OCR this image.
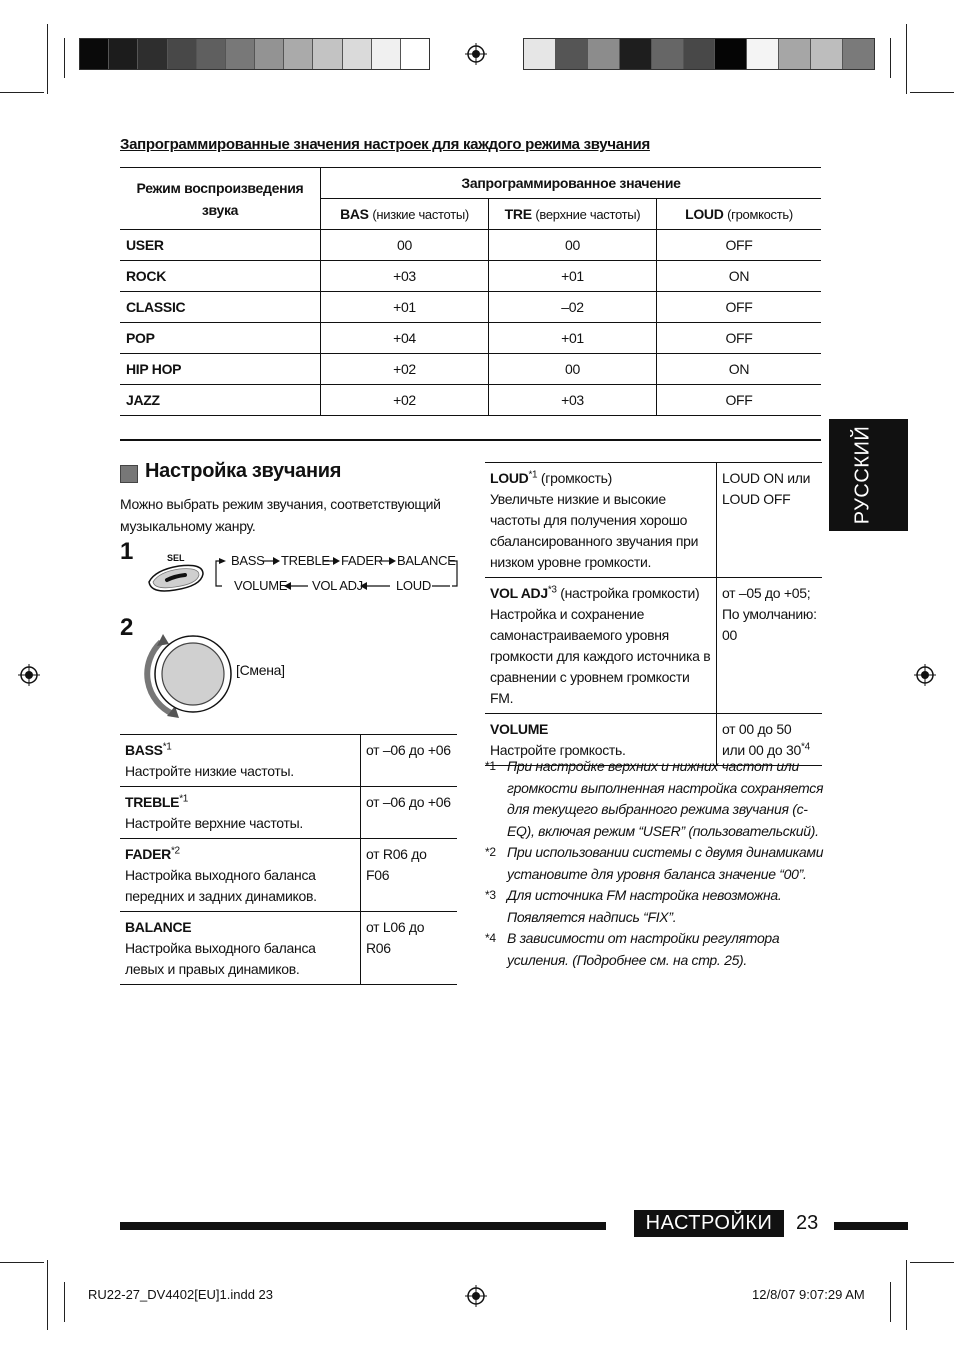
Запрограммированные значения настроек для каждого режима звучания
Режим воспроизведения звука	Запрограммированное значение		
	BAS (низкие частоты)	TRE (верхние частоты)	LOUD (громкость)
USER	00	00	OFF
ROCK	+03	+01	ON
CLASSIC	+01	–02	OFF
POP	+04	+01	OFF
HIP HOP	+02	00	ON
JAZZ	+02	+03	OFF
РУССКИЙ
Настройка звучания
Можно выбрать режим звучания, соответствующий музыкальному жанру.
1	SEL	BASS TREBLE FADER BALANCE
VOLUME VOL ADJ	LOUD
2
[Смена]
BASS$^{*1}$
Настройте низкие частоты.	от –06 до +06
TREBLE$^{*1}$
Настройте верхние частоты.	от –06 до +06
FADER$^{*2}$
Настройка выходного баланса передних и задних динамиков.	от R06 до F06
BALANCE
Настройка выходного баланса левых и правых динамиков.	от L06 до R06
LOUD$^{*1}$ (громкость)
Увеличьте низкие и высокие частоты для получения хорошо сбалансированного звучания при низком уровне громкости.	LOUD ON или LOUD OFF
VOL ADJ$^{*3}$ (настройка громкости)
Настройка и сохранение самонастраиваемого уровня громкости для каждого источника в сравнении с уровнем громкости FM.	от –05 до +05; По умолчанию: 00
VOLUME
Настройте громкость.	от 00 до 50 или 00 до 30$^{*4}$
*1 При настройке верхних и нижних частот или громкости выполненная настройка сохраняется для текущего выбранного режима звучания (c-EQ), включая режим “USER” (пользовательский).
*2 При использовании системы с двумя динамиками установите для уровня баланса значение “00”.
*3 Для источника FM настройка невозможна. Появляется надпись “FIX”.
*4 В зависимости от настройки регулятора усиления. (Подробнее см. на стр. 25).
НАСТРОЙКИ	23
RU22-27_DV4402[EU]1.indd 23	12/8/07 9:07:29 AM
